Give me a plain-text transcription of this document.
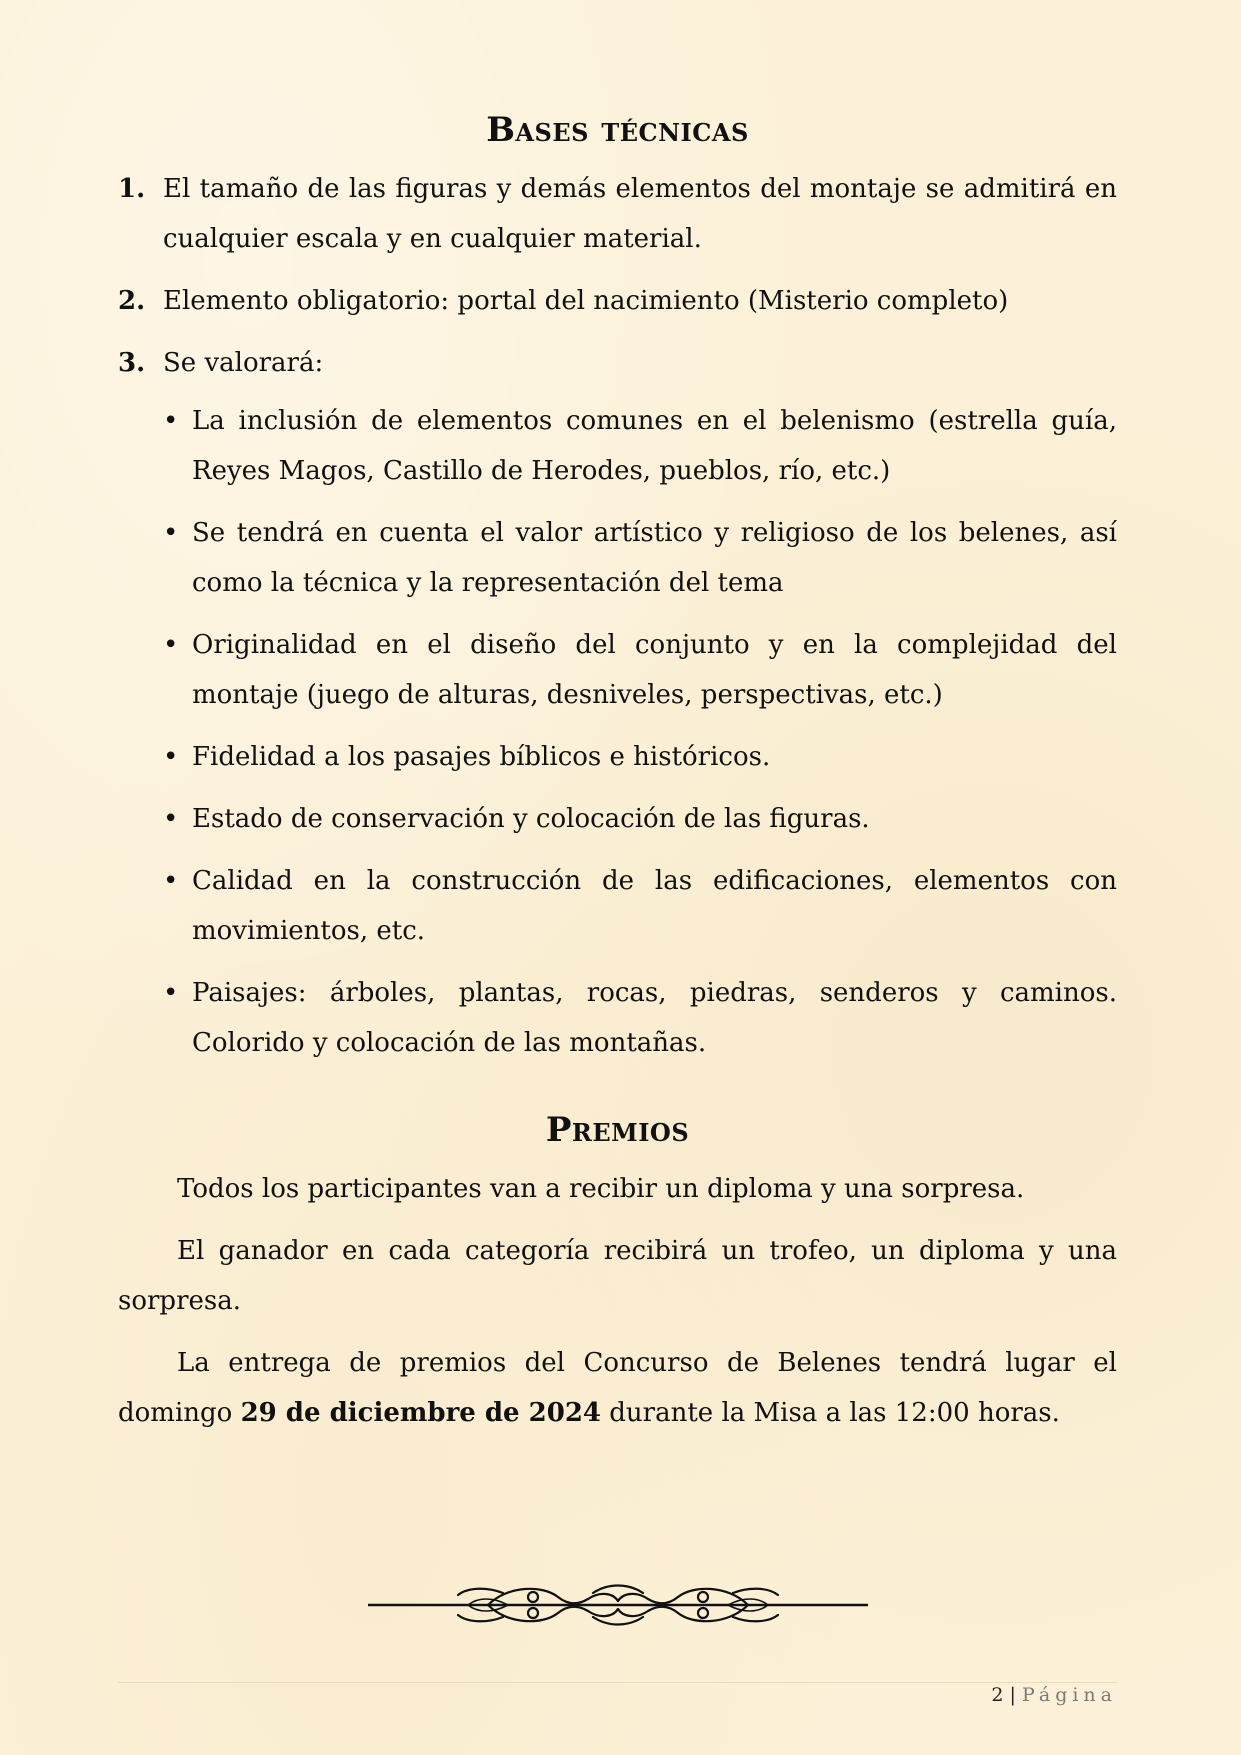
Bases técnicas
1. El tamaño de las figuras y demás elementos del montaje se admitirá en cualquier escala y en cualquier material.
2. Elemento obligatorio: portal del nacimiento (Misterio completo)
3. Se valorará:
• La inclusión de elementos comunes en el belenismo (estrella guía, Reyes Magos, Castillo de Herodes, pueblos, río, etc.)
• Se tendrá en cuenta el valor artístico y religioso de los belenes, así como la técnica y la representación del tema
• Originalidad en el diseño del conjunto y en la complejidad del montaje (juego de alturas, desniveles, perspectivas, etc.)
• Fidelidad a los pasajes bíblicos e históricos.
• Estado de conservación y colocación de las figuras.
• Calidad en la construcción de las edificaciones, elementos con movimientos, etc.
• Paisajes: árboles, plantas, rocas, piedras, senderos y caminos. Colorido y colocación de las montañas.
Premios

Todos los participantes van a recibir un diploma y una sorpresa.

El ganador en cada categoría recibirá un trofeo, un diploma y una sorpresa.

La entrega de premios del Concurso de Belenes tendrá lugar el domingo 29 de diciembre de 2024 durante la Misa a las 12:00 horas.

2 | Página
